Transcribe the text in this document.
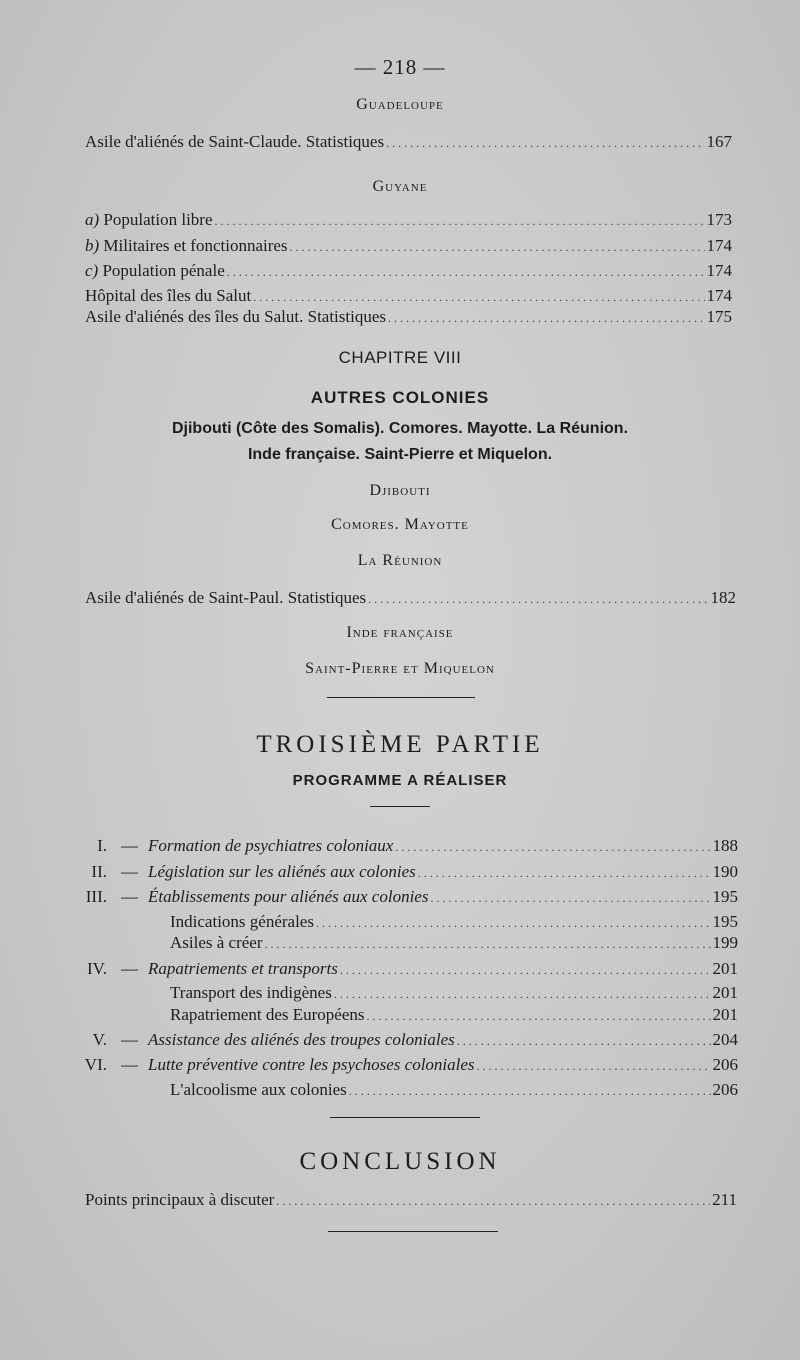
— 218 —
Guadeloupe
Asile d'aliénés de Saint-Claude. Statistiques .....	167
Guyane
a) Population libre .....	173
b) Militaires et fonctionnaires .....	174
c) Population pénale .....	174
Hôpital des îles du Salut .....	174
Asile d'aliénés des îles du Salut. Statistiques .....	175
CHAPITRE VIII
AUTRES COLONIES
Djibouti (Côte des Somalis). Comores. Mayotte. La Réunion.
Inde française. Saint-Pierre et Miquelon.
Djibouti
Comores. Mayotte
La Réunion
Asile d'aliénés de Saint-Paul. Statistiques .....	182
Inde française
Saint-Pierre et Miquelon
TROISIÈME PARTIE
PROGRAMME A RÉALISER
I. — Formation de psychiatres coloniaux .....	188
II. — Législation sur les aliénés aux colonies .....	190
III. — Établissements pour aliénés aux colonies .....	195
Indications générales .....	195
Asiles à créer .....	199
IV. — Rapatriements et transports .....	201
Transport des indigènes .....	201
Rapatriement des Européens .....	201
V. — Assistance des aliénés des troupes coloniales .....	204
VI. — Lutte préventive contre les psychoses coloniales .....	206
L'alcoolisme aux colonies .....	206
CONCLUSION
Points principaux à discuter .....	211
